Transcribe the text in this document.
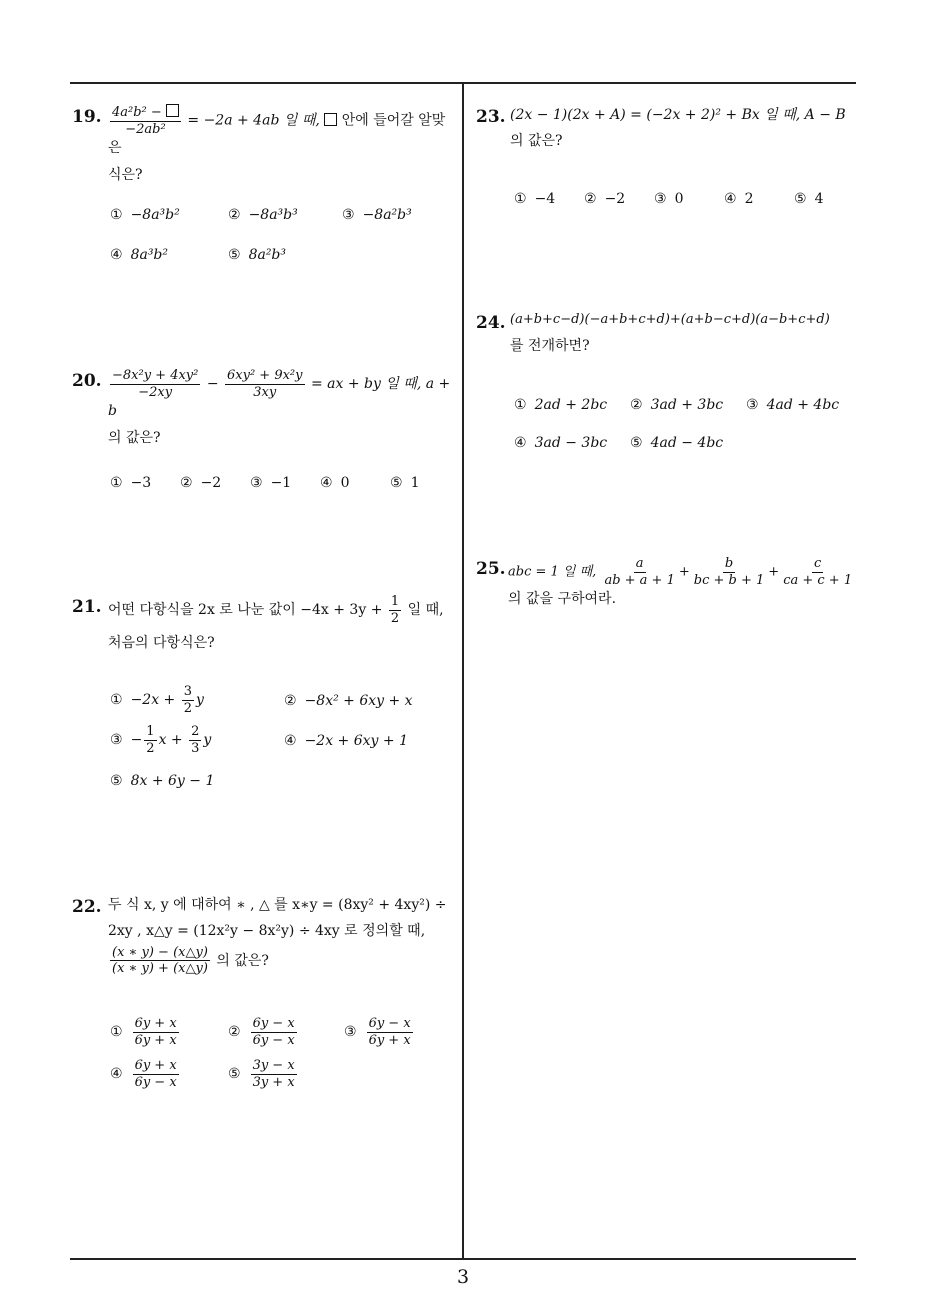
19. $\frac{\text{4a²b² −}}{\text{−2ab²}} = -2a + 4ab$ 일 때,  안에 들어갈 알맞은
식은?
① −8a³b²	② −8a³b³	③ −8a²b³
④ 8a³b²	⑤ 8a²b³
20. $\frac{\text{−8x²y + 4xy²}}{-2xy} - \frac{\text{6xy² + 9x²y}}{3xy}$ = ax + by 일 때, a + b
의 값은?
① −3 ② −2 ③ −1 ④ 0	⑤ 1
21. 어떤 다항식을 2x 로 나눈 값이 $-4x + 3y + \frac{1}{2}$ 일 때,
처음의 다항식은?
① $-2x + \frac{3}{2}$ y	② −8x² + 6xy + x
③ − $\frac{1}{2}$ $x + \frac{2}{3}$ y	④ −2x + 6xy + 1
⑤ 8x + 6y − 1
22. 두 식 x, y 에 대하여 ∗ , △ 를 x∗y = (8xy² + 4xy²) ÷
2xy , x△y = (12x²y − 8x²y) ÷ 4xy 로 정의할 때,
$\frac{(x ∗ y) - (x\triangle y)}{(x ∗ y) + (x\triangle y)}$ 의 값은?
① $\frac{6y + x}{6y + x}$	② $\frac{6y - x}{6y - x}$	③ $\frac{6y - x}{6y + x}$
④ $\frac{6y + x}{6y - x}$	⑤ $\frac{3y - x}{3y + x}$
23. (2x − 1)(2x + A) = (−2x + 2)² + Bx 일 때, A − B
의 값은?
① −4 ② −2 ③ 0	④ 2	⑤ 4
24. (a+b+c−d)(−a+b+c+d)+(a+b−c+d)(a−b+c+d)
를 전개하면?
① 2ad + 2bc ② 3ad + 3bc ③ 4ad + 4bc
④ 3ad − 3bc ⑤ 4ad − 4bc
25. abc = 1 일 때, $\frac{a}{ab + a + 1} + \frac{b}{bc + b + 1} + \frac{c}{ca + c + 1}$
의 값을 구하여라.
3
